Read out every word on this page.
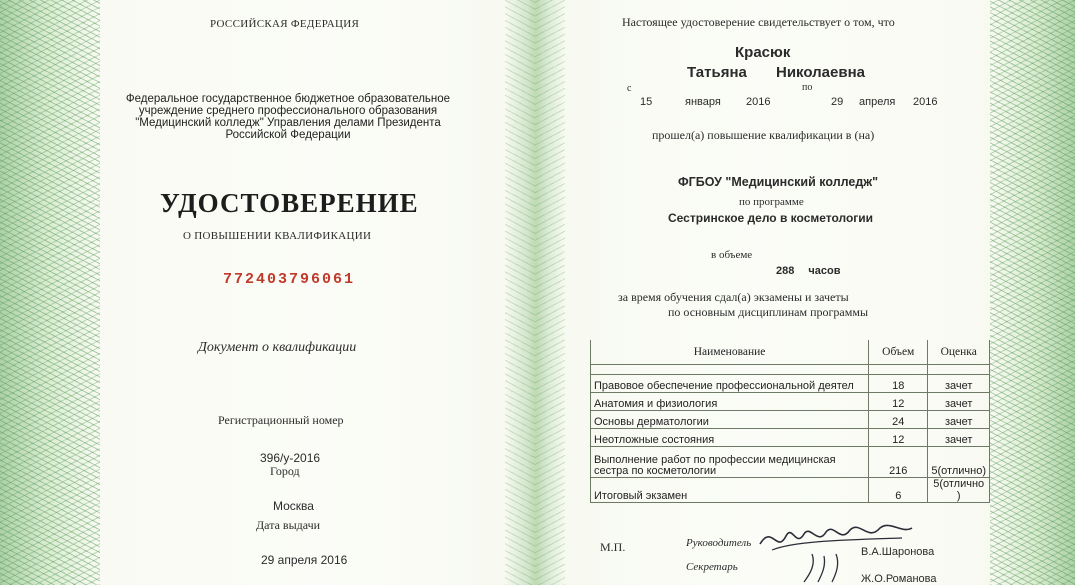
РОССИЙСКАЯ ФЕДЕРАЦИЯ
Федеральное государственное бюджетное образовательное учреждение среднего профессионального образования "Медицинский колледж" Управления делами Президента Российской Федерации
УДОСТОВЕРЕНИЕ
О ПОВЫШЕНИИ КВАЛИФИКАЦИИ
772403796061
Документ о квалификации
Регистрационный номер
396/у-2016
Город
Москва
Дата выдачи
29 апреля 2016
Настоящее удостоверение свидетельствует о том, что
Красюк
Татьяна Николаевна
с	по
15	января 2016	29 апреля 2016
прошел(а) повышение квалификации в (на)
ФГБОУ "Медицинский колледж"
по программе
Сестринское дело в косметологии
в объеме
288 часов
за время обучения сдал(а) экзамены и зачеты
по основным дисциплинам программы
Наименование	Объем	Оценка

Правовое обеспечение профессиональной деятел	18	зачет
Анатомия и физиология	12	зачет
Основы дерматологии	24	зачет
Неотложные состояния	12	зачет
Выполнение работ по профессии медицинская сестра по косметологии	216	5(отлично)
Итоговый экзамен	6	5(отлично )
М.П.	Руководитель
Секретарь
В.А.Шаронова
Ж.О.Романова
